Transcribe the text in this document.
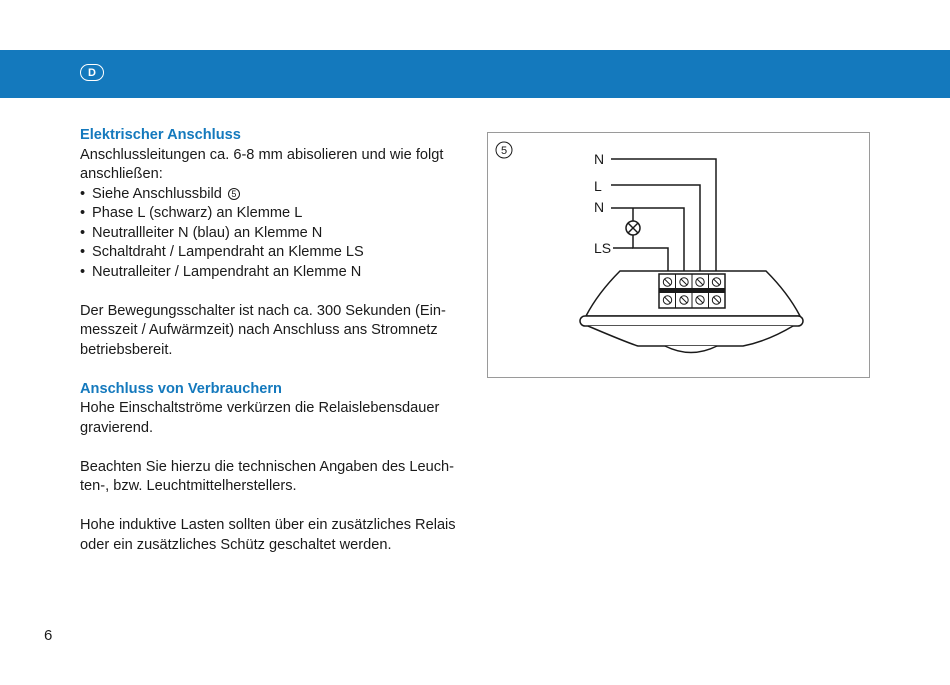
D
Elektrischer Anschluss

Anschlussleitungen ca. 6-8 mm abisolieren und wie folgt

anschließen:

• Siehe Anschlussbild 5
• Phase L (schwarz) an Klemme L
• Neutrallleiter N (blau) an Klemme N
• Schaltdraht / Lampendraht an Klemme LS
• Neutralleiter / Lampendraht an Klemme N

Der Bewegungsschalter ist nach ca. 300 Sekunden (Ein-

messzeit / Aufwärmzeit) nach Anschluss ans Stromnetz

betriebsbereit.

Anschluss von Verbrauchern

Hohe Einschaltströme verkürzen die Relaislebensdauer

gravierend.

Beachten Sie hierzu die technischen Angaben des Leuch-

ten-, bzw. Leuchtmittelherstellers.

Hohe induktive Lasten sollten über ein zusätzliches Relais

oder ein zusätzliches Schütz geschaltet werden.

5	N
L
N
LS
6
